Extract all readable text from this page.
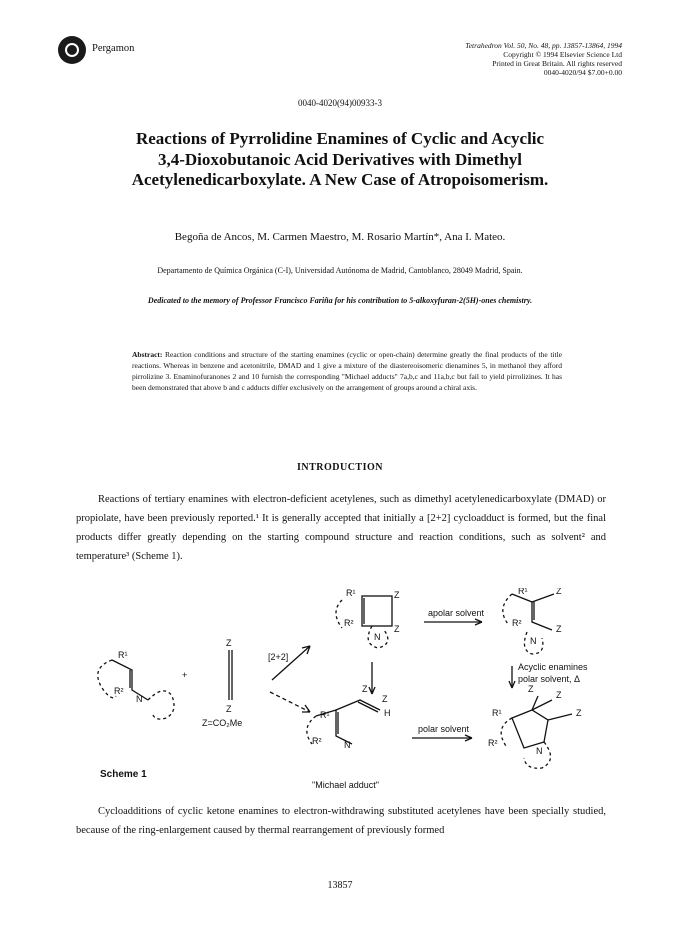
Pergamon	Tetrahedron Vol. 50, No. 48, pp. 13857-13864, 1994
Copyright © 1994 Elsevier Science Ltd
Printed in Great Britain. All rights reserved
0040-4020/94 $7.00+0.00
0040-4020(94)00933-3
Reactions of Pyrrolidine Enamines of Cyclic and Acyclic
3,4-Dioxobutanoic Acid Derivatives with Dimethyl
Acetylenedicarboxylate. A New Case of Atropoisomerism.
Begoña de Ancos, M. Carmen Maestro, M. Rosario Martín*, Ana I. Mateo.
Departamento de Química Orgánica (C-I), Universidad Autónoma de Madrid, Cantoblanco, 28049 Madrid, Spain.
Dedicated to the memory of Professor Francisco Fariña for his contribution to 5-alkoxyfuran-2(5H)-ones chemistry.
Abstract: Reaction conditions and structure of the starting enamines (cyclic or open-chain) determine greatly the final products of the title reactions. Whereas in benzene and acetonitrile, DMAD and 1 give a mixture of the diastereoisomeric dienamines 5, in methanol they afford pirrolizine 3. Enaminofuranones 2 and 10 furnish the corresponding "Michael adducts" 7a,b,c and 11a,b,c but fail to yield pirrolizines. It has been demonstrated that above b and c adducts differ exclusively on the arrangement of groups around a chiral axis.
INTRODUCTION
Reactions of tertiary enamines with electron-deficient acetylenes, such as dimethyl acetylenedicarboxylate (DMAD) or propiolate, have been previously reported.¹ It is generally accepted that initially a [2+2] cycloadduct is formed, but the final products differ greatly depending on the starting compound structure and reaction conditions, such as solvent² and temperature³ (Scheme 1).
R¹
R²
N
+
Z
Z
Z=CO₂Me
[2+2]
R¹
R²
Z
Z
N
apolar solvent
R¹
R²
Z
Z
N
Acyclic enamines
polar solvent, Δ
Z
Z
H
R¹
R²	N
"Michael adduct"
polar solvent
R¹
R²
Z
Z
Z
N
Scheme 1
Cycloadditions of cyclic ketone enamines to electron-withdrawing substituted acetylenes have been specially studied, because of the ring-enlargement caused by thermal rearrangement of previously formed
13857
